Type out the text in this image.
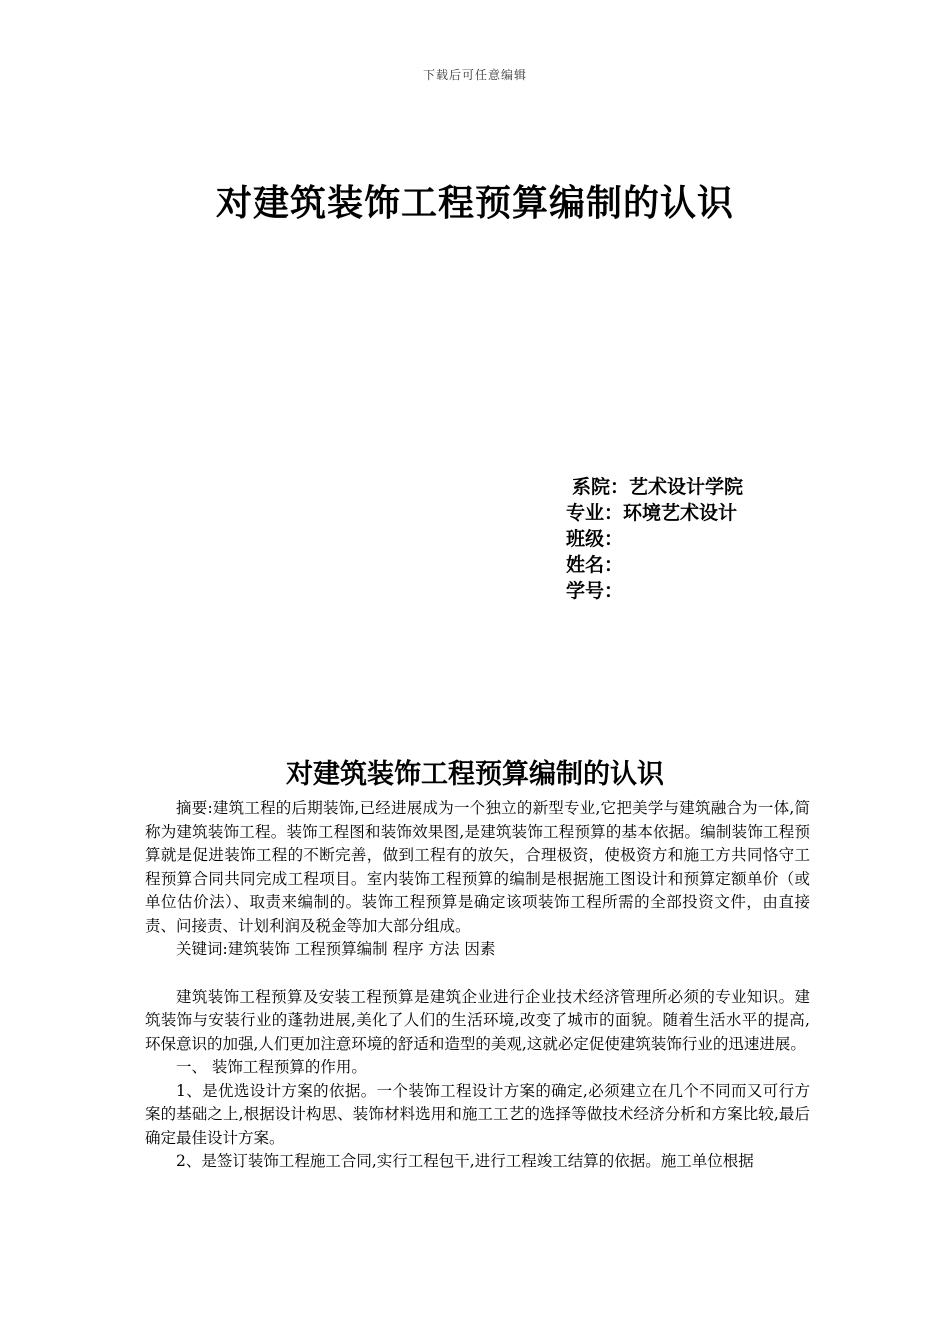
下载后可任意编辑
对建筑装饰工程预算编制的认识
系院： 艺术设计学院
专业： 环境艺术设计
班级：
姓名：
学号：
对建筑装饰工程预算编制的认识

摘要:建筑工程的后期装饰,已经进展成为一个独立的新型专业,它把美学与建筑融合为一体,简称为建筑装饰工程。装饰工程图和装饰效果图,是建筑装饰工程预算的基本依据。编制装饰工程预算就是促进装饰工程的不断完善，做到工程有的放矢，合理极资，使极资方和施工方共同恪守工程预算合同共同完成工程项目。室内装饰工程预算的编制是根据施工图设计和预算定额单价（或单位估价法）、取责来编制的。装饰工程预算是确定该项装饰工程所需的全部投资文件，由直接责、问接责、计划利润及税金等加大部分组成。

关键词:建筑装饰 工程预算编制 程序 方法 因素

建筑装饰工程预算及安装工程预算是建筑企业进行企业技术经济管理所必须的专业知识。建筑装饰与安装行业的蓬勃进展,美化了人们的生活环境,改变了城市的面貌。随着生活水平的提高,环保意识的加强,人们更加注意环境的舒适和造型的美观,这就必定促使建筑装饰行业的迅速进展。

一、 装饰工程预算的作用。

1、是优选设计方案的依据。一个装饰工程设计方案的确定,必须建立在几个不同而又可行方案的基础之上,根据设计构思、装饰材料选用和施工工艺的选择等做技术经济分析和方案比较,最后确定最佳设计方案。

2、是签订装饰工程施工合同,实行工程包干,进行工程竣工结算的依据。施工单位根据
